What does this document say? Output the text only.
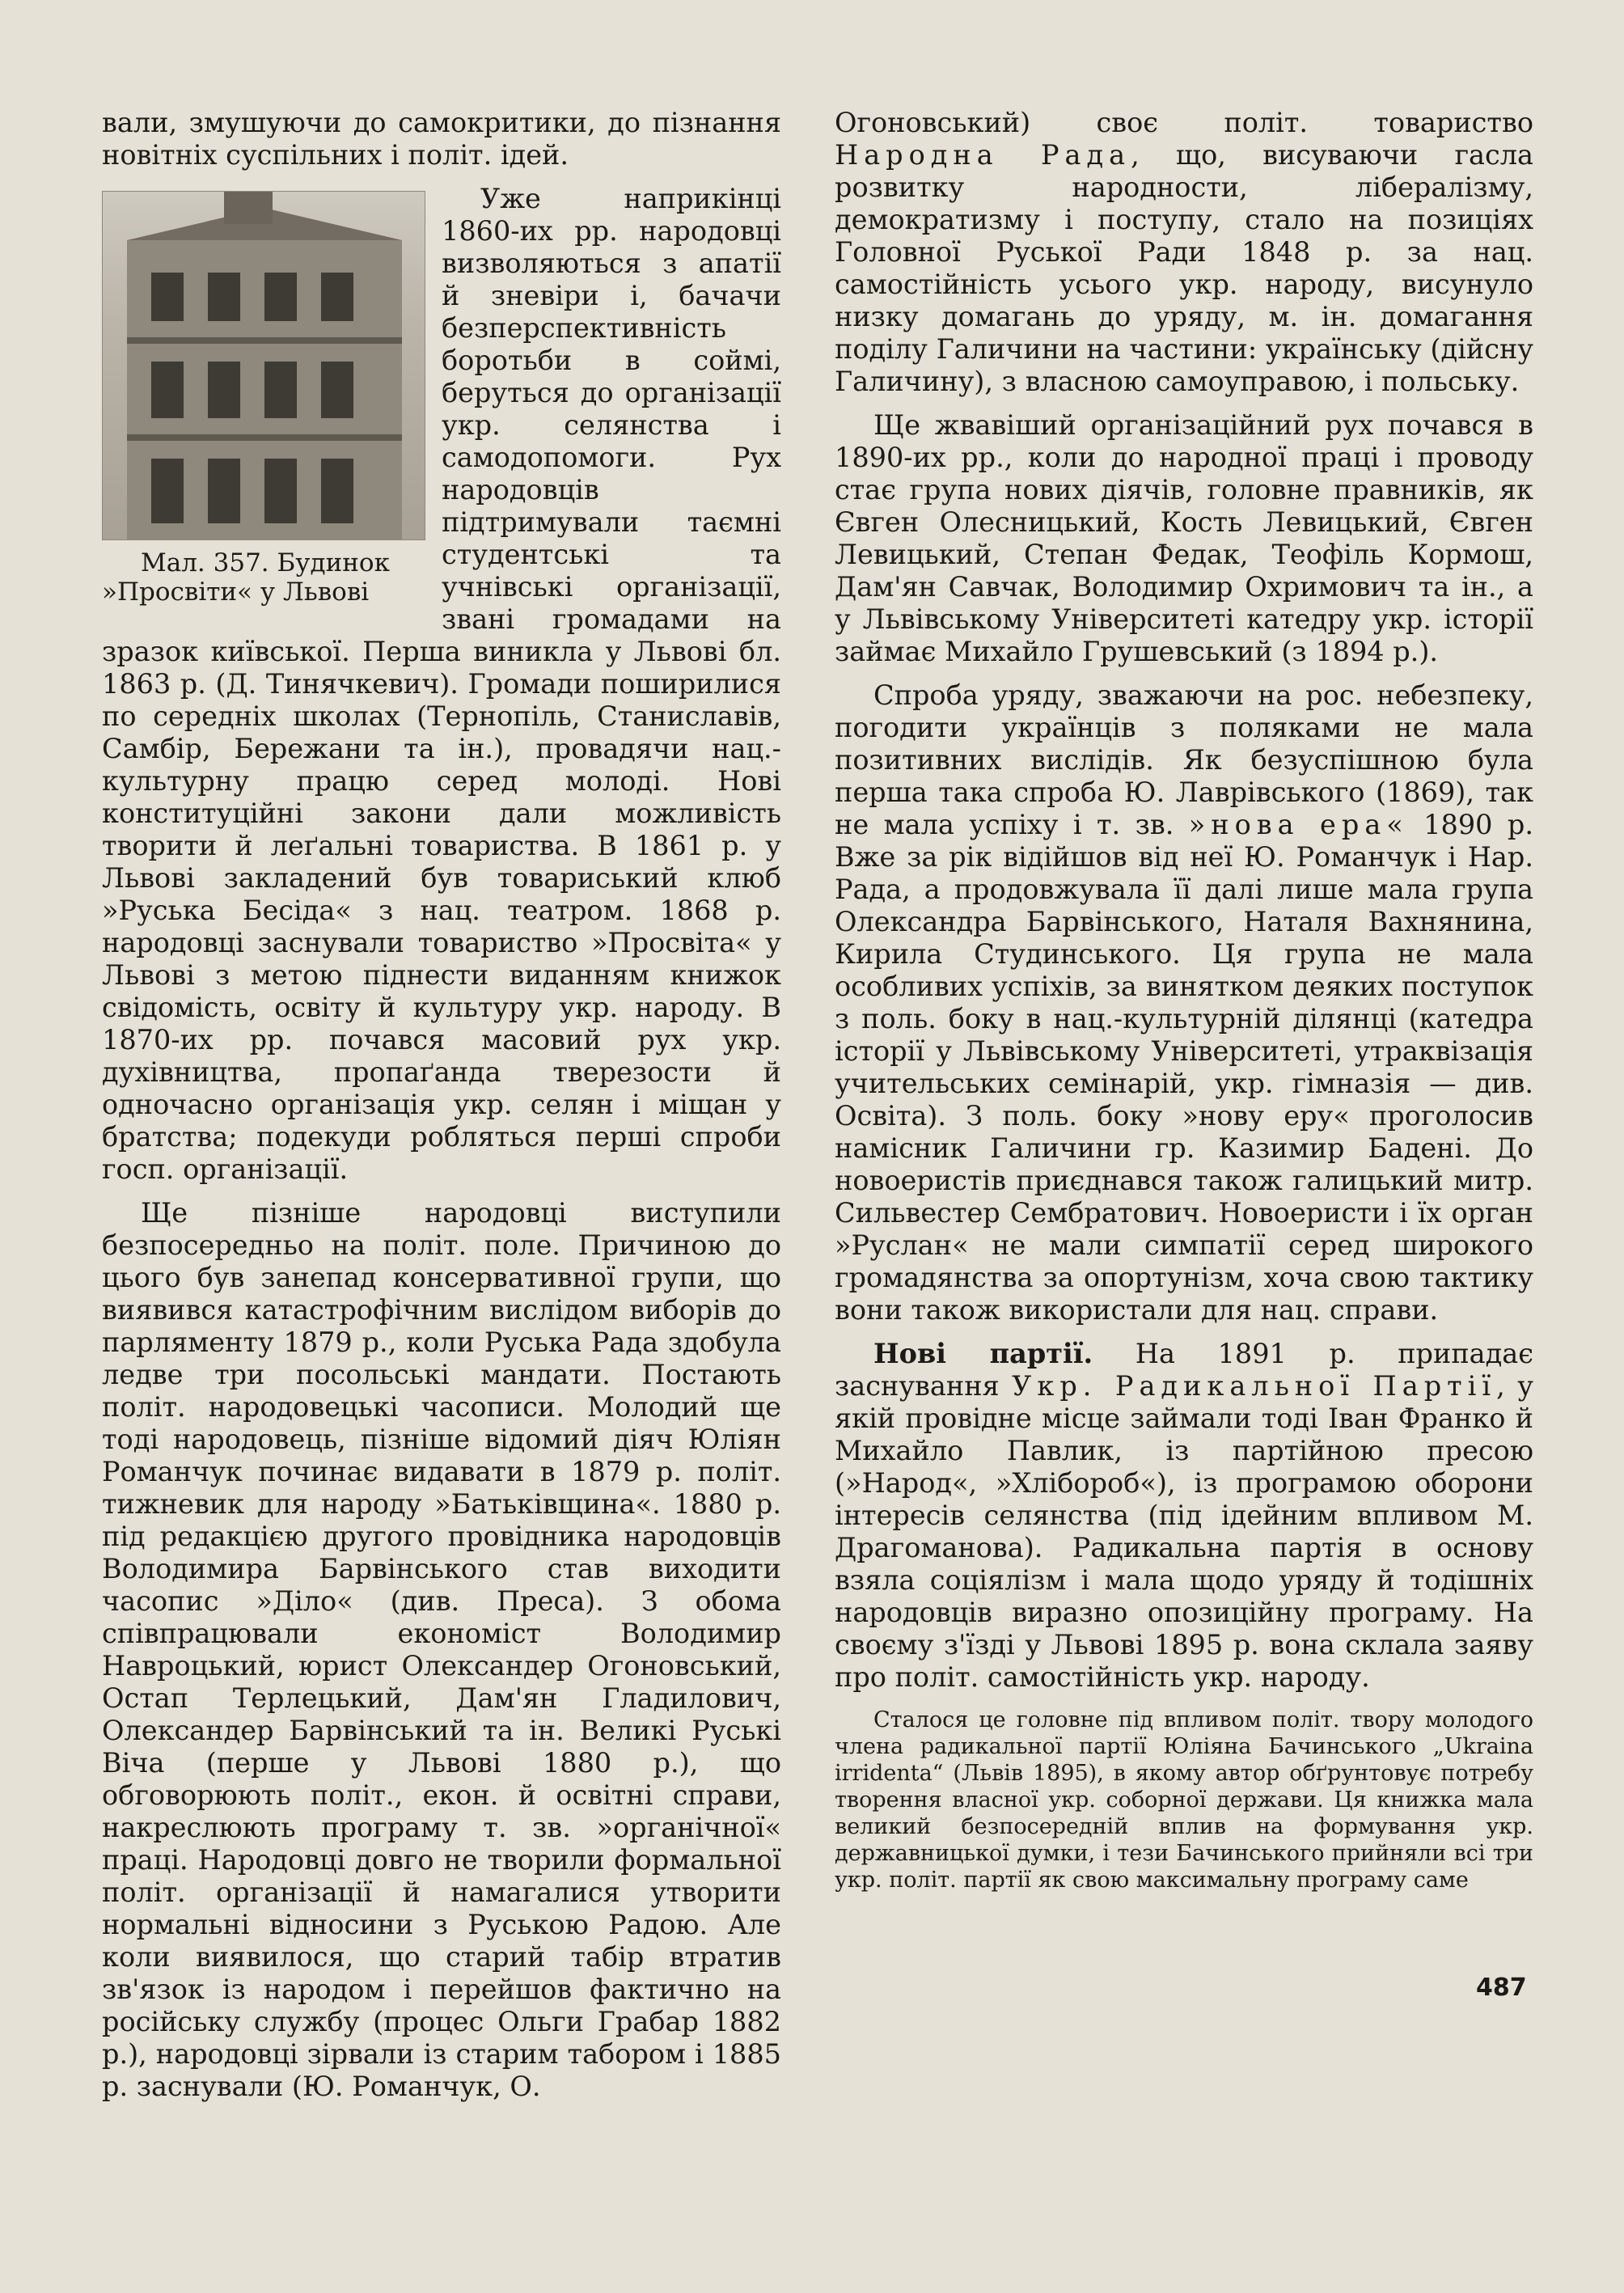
вали, змушуючи до самокритики, до пізнання новітніх суспільних і політ. ідей.

Мал. 357. Будинок »Просвіти« у Львові
Уже наприкінці 1860-их рр. народовці визволяються з апатії й зневіри і, бачачи безперспективність боротьби в соймі, беруться до організації укр. селянства і самодопомоги. Рух народовців підтримували таємні студентські та учнівські організації, звані громадами на зразок київської. Перша виникла у Львові бл. 1863 р. (Д. Тинячкевич). Громади поширилися по середніх школах (Тернопіль, Станиславів, Самбір, Бережани та ін.), провадячи нац.-культурну працю серед молоді. Нові конституційні закони дали можливість творити й леґальні товариства. В 1861 р. у Львові закладений був товариський клюб »Руська Бесіда« з нац. театром. 1868 р. народовці заснували товариство »Просвіта« у Львові з метою піднести виданням книжок свідомість, освіту й культуру укр. народу. В 1870-их рр. почався масовий рух укр. духівництва, пропаґанда тверезости й одночасно організація укр. селян і міщан у братства; подекуди робляться перші спроби госп. організації.

Ще пізніше народовці виступили безпосередньо на політ. поле. Причиною до цього був занепад консервативної групи, що виявився катастрофічним вислідом виборів до парляменту 1879 р., коли Руська Рада здобула ледве три посольські мандати. Постають політ. народовецькі часописи. Молодий ще тоді народовець, пізніше відомий діяч Юліян Романчук починає видавати в 1879 р. політ. тижневик для народу »Батьківщина«. 1880 р. під редакцією другого провідника народовців Володимира Барвінського став виходити часопис »Діло« (див. Преса). З обома співпрацювали економіст Володимир Навроцький, юрист Олександер Огоновський, Остап Терлецький, Дам'ян Гладилович, Олександер Барвінський та ін. Великі Руські Віча (перше у Львові 1880 р.), що обговорюють політ., екон. й освітні справи, накреслюють програму т. зв. »органічної« праці. Народовці довго не творили формальної політ. організації й намагалися утворити нормальні відносини з Руською Радою. Але коли виявилося, що старий табір втратив зв'язок із народом і перейшов фактично на російську службу (процес Ольги Грабар 1882 р.), народовці зірвали із старим табором і 1885 р. заснували (Ю. Романчук, О.

Огоновський) своє політ. товариство Народна Рада, що, висуваючи гасла розвитку народности, лібералізму, демократизму і поступу, стало на позиціях Головної Руської Ради 1848 р. за нац. самостійність усього укр. народу, висунуло низку домагань до уряду, м. ін. домагання поділу Галичини на частини: українську (дійсну Галичину), з власною самоуправою, і польську.

Ще жвавіший організаційний рух почався в 1890-их рр., коли до народної праці і проводу стає група нових діячів, головне правників, як Євген Олесницький, Кость Левицький, Євген Левицький, Степан Федак, Теофіль Кормош, Дам'ян Савчак, Володимир Охримович та ін., а у Львівському Університеті катедру укр. історії займає Михайло Грушевський (з 1894 р.).

Спроба уряду, зважаючи на рос. небезпеку, погодити українців з поляками не мала позитивних вислідів. Як безуспішною була перша така спроба Ю. Лаврівського (1869), так не мала успіху і т. зв. »нова ера« 1890 р. Вже за рік відійшов від неї Ю. Романчук і Нар. Рада, а продовжувала її далі лише мала група Олександра Барвінського, Наталя Вахнянина, Кирила Студинського. Ця група не мала особливих успіхів, за винятком деяких поступок з поль. боку в нац.-культурній ділянці (катедра історії у Львівському Університеті, утраквізація учительських семінарій, укр. гімназія — див. Освіта). З поль. боку »нову еру« проголосив намісник Галичини гр. Казимир Бадені. До новоеристів приєднався також галицький митр. Сильвестер Сембратович. Новоеристи і їх орган »Руслан« не мали симпатії серед широкого громадянства за опортунізм, хоча свою тактику вони також використали для нац. справи.

Нові партії. На 1891 р. припадає заснування Укр. Радикальної Партії, у якій провідне місце займали тоді Іван Франко й Михайло Павлик, із партійною пресою (»Народ«, »Хлібороб«), із програмою оборони інтересів селянства (під ідейним впливом М. Драгоманова). Радикальна партія в основу взяла соціялізм і мала щодо уряду й тодішніх народовців виразно опозиційну програму. На своєму з'їзді у Львові 1895 р. вона склала заяву про політ. самостійність укр. народу.

Сталося це головне під впливом політ. твору молодого члена радикальної партії Юліяна Бачинського „Ukraina irridenta“ (Львів 1895), в якому автор обґрунтовує потребу творення власної укр. соборної держави. Ця книжка мала великий безпосередній вплив на формування укр. державницької думки, і тези Бачинського прийняли всі три укр. політ. партії як свою максимальну програму саме

487
